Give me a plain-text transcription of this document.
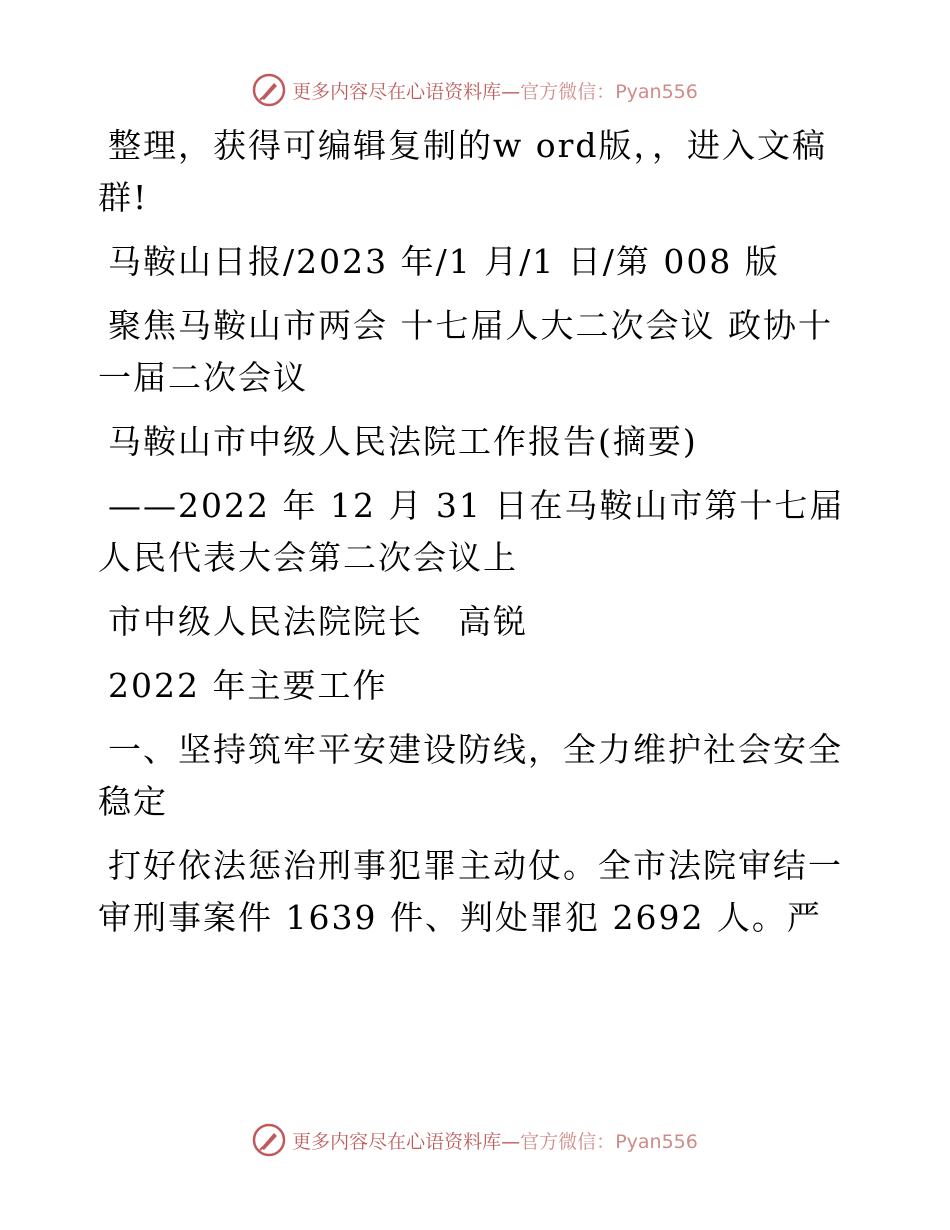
更多内容尽在心语资料库—官方微信：Pyan556

整理，获得可编辑复制的w ord版，，进入文稿群!

马鞍山日报/2023 年/1 月/1 日/第 008 版

聚焦马鞍山市两会 十七届人大二次会议 政协十一届二次会议

马鞍山市中级人民法院工作报告(摘要)

——2022 年 12 月 31 日在马鞍山市第十七届人民代表大会第二次会议上

市中级人民法院院长　高锐

2022 年主要工作

一、坚持筑牢平安建设防线，全力维护社会安全稳定

打好依法惩治刑事犯罪主动仗。全市法院审结一审刑事案件 1639 件、判处罪犯 2692 人。严

更多内容尽在心语资料库—官方微信：Pyan556
